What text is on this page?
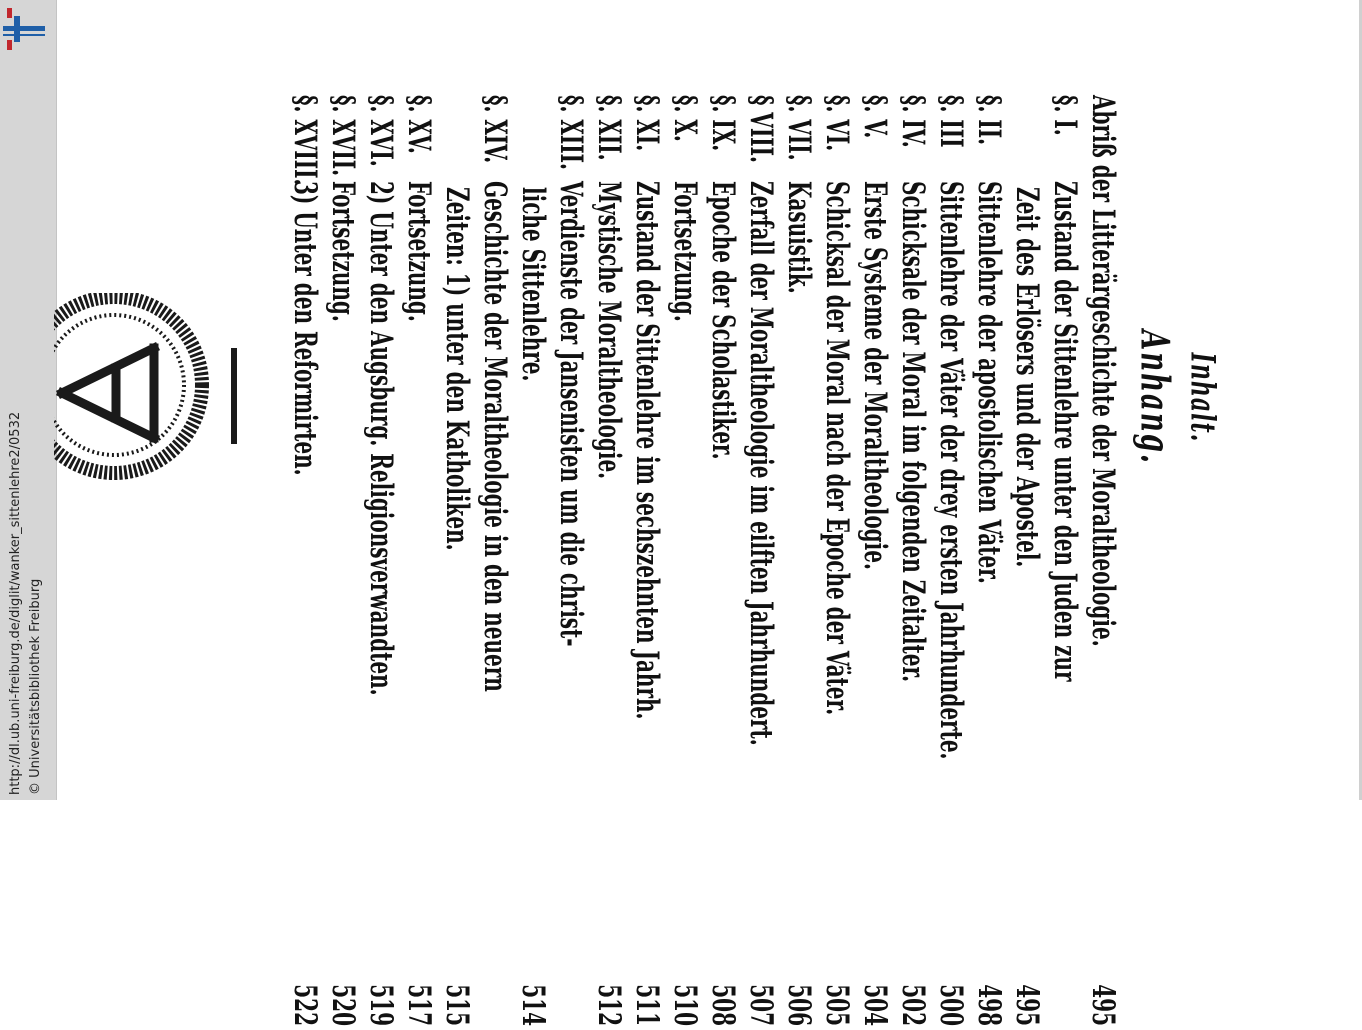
http://dl.ub.uni-freiburg.de/diglit/wanker_sittenlehre2/0532 © Universitätsbibliothek Freiburg
Inhalt.
Anhang.
Abriß der Litterärgeschichte der Moraltheologie.
495
§. I.Zustand der Sittenlehre unter den Juden zur
Zeit des Erlösers und der Apostel.
495
§. II.Sittenlehre der apostolischen Väter.
498
§. IIISittenlehre der Väter der drey ersten Jahrhunderte.
500
§. IV.Schicksale der Moral im folgenden Zeitalter.
502
§. V.Erste Systeme der Moraltheologie.
504
§. VI.Schicksal der Moral nach der Epoche der Väter.
505
§. VII.Kasuistik.
506
§ VIII.Zerfall der Moraltheologie im eilften Jahrhundert.
507
§. IX.Epoche der Scholastiker.
508
§. X.Fortsetzung.
510
§. XI.Zustand der Sittenlehre im sechszehnten Jahrh.
511
§. XII.Mystische Moraltheologie.
512
§. XIII.Verdienste der Jansenisten um die christ-
liche Sittenlehre.
514
§. XIV.Geschichte der Moraltheologie in den neuern
Zeiten: 1) unter den Katholiken.
515
§. XV.Fortsetzung.
517
§. XVI.2) Unter den Augsburg. Religionsverwandten.
519
§. XVII.Fortsetzung.
520
§. XVIII.3) Unter den Reformirten.
522
